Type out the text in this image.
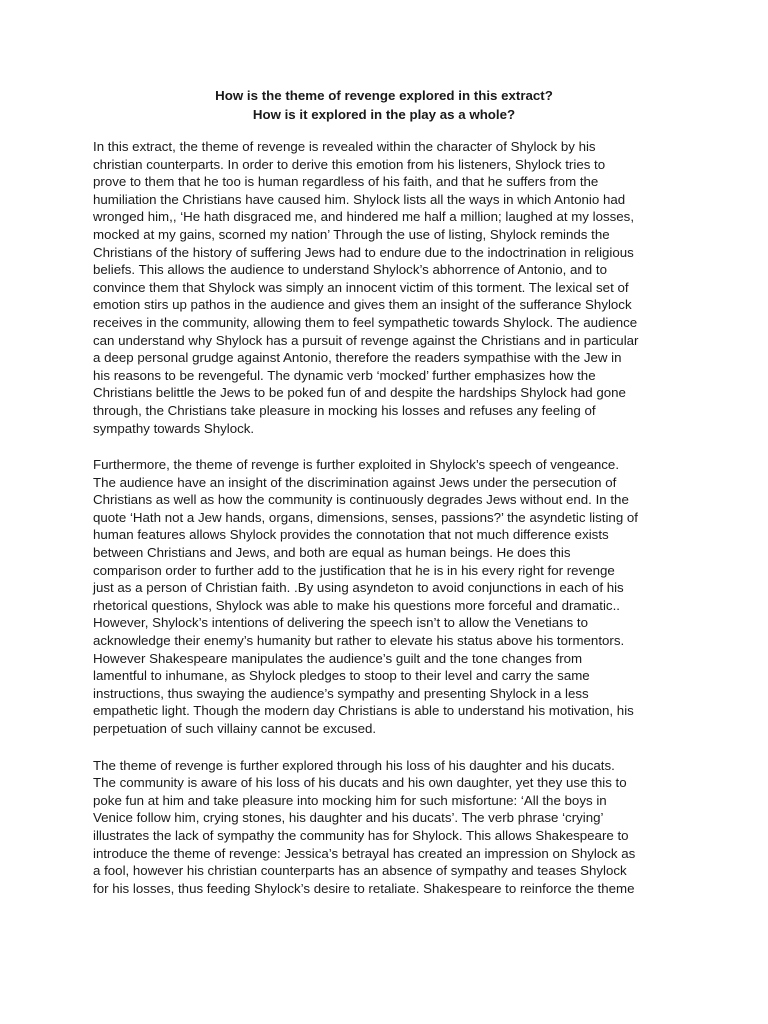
How is the theme of revenge explored in this extract?
How is it explored in the play as a whole?
In this extract, the theme of revenge is revealed within the character of Shylock by his
christian counterparts. In order to derive this emotion from his listeners, Shylock tries to
prove to them that he too is human regardless of his faith, and that he suffers from the
humiliation the Christians have caused him. Shylock lists all the ways in which Antonio had
wronged him,, ‘He hath disgraced me, and hindered me half a million; laughed at my losses,
mocked at my gains, scorned my nation’ Through the use of listing, Shylock reminds the
Christians of the history of suffering Jews had to endure due to the indoctrination in religious
beliefs. This allows the audience to understand Shylock’s abhorrence of Antonio, and to
convince them that Shylock was simply an innocent victim of this torment. The lexical set of
emotion stirs up pathos in the audience and gives them an insight of the sufferance Shylock
receives in the community, allowing them to feel sympathetic towards Shylock. The audience
can understand why Shylock has a pursuit of revenge against the Christians and in particular
a deep personal grudge against Antonio, therefore the readers sympathise with the Jew in
his reasons to be revengeful. The dynamic verb ‘mocked’ further emphasizes how the
Christians belittle the Jews to be poked fun of and despite the hardships Shylock had gone
through, the Christians take pleasure in mocking his losses and refuses any feeling of
sympathy towards Shylock.
Furthermore, the theme of revenge is further exploited in Shylock’s speech of vengeance.
The audience have an insight of the discrimination against Jews under the persecution of
Christians as well as how the community is continuously degrades Jews without end. In the
quote ‘Hath not a Jew hands, organs, dimensions, senses, passions?’ the asyndetic listing of
human features allows Shylock provides the connotation that not much difference exists
between Christians and Jews, and both are equal as human beings. He does this
comparison order to further add to the justification that he is in his every right for revenge
just as a person of Christian faith. .By using asyndeton to avoid conjunctions in each of his
rhetorical questions, Shylock was able to make his questions more forceful and dramatic..
However, Shylock’s intentions of delivering the speech isn’t to allow the Venetians to
acknowledge their enemy’s humanity but rather to elevate his status above his tormentors.
However Shakespeare manipulates the audience’s guilt and the tone changes from
lamentful to inhumane, as Shylock pledges to stoop to their level and carry the same
instructions, thus swaying the audience’s sympathy and presenting Shylock in a less
empathetic light. Though the modern day Christians is able to understand his motivation, his
perpetuation of such villainy cannot be excused.
The theme of revenge is further explored through his loss of his daughter and his ducats.
The community is aware of his loss of his ducats and his own daughter, yet they use this to
poke fun at him and take pleasure into mocking him for such misfortune: ‘All the boys in
Venice follow him, crying stones, his daughter and his ducats’. The verb phrase ‘crying’
illustrates the lack of sympathy the community has for Shylock. This allows Shakespeare to
introduce the theme of revenge: Jessica’s betrayal has created an impression on Shylock as
a fool, however his christian counterparts has an absence of sympathy and teases Shylock
for his losses, thus feeding Shylock’s desire to retaliate. Shakespeare to reinforce the theme
